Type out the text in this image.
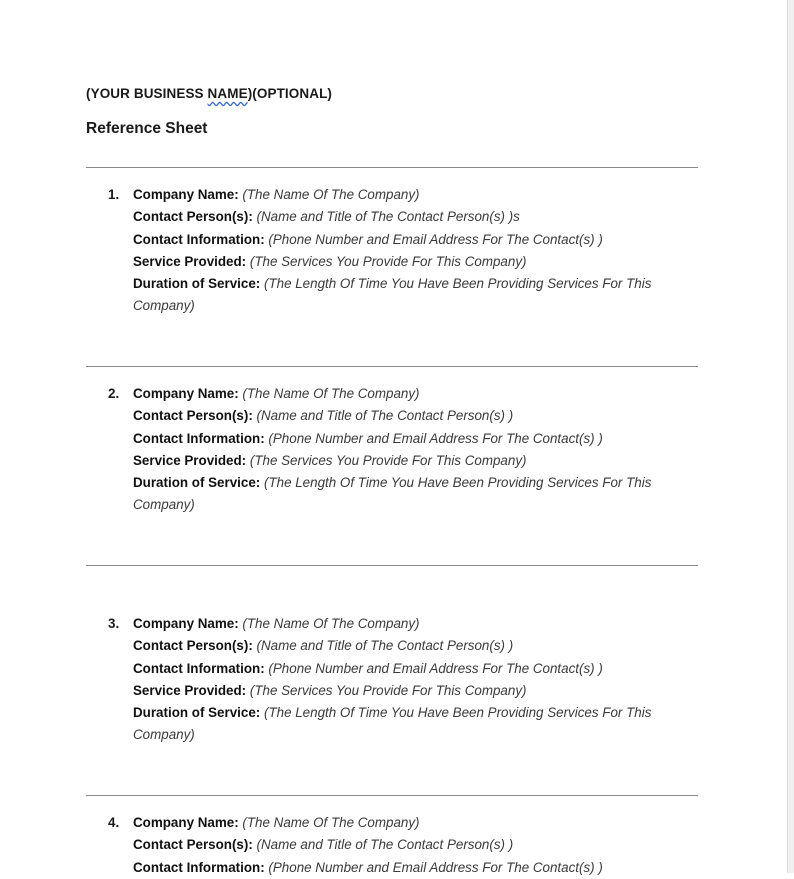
(YOUR BUSINESS NAME)(OPTIONAL)
Reference Sheet
1. Company Name: (The Name Of The Company)
Contact Person(s): (Name and Title of The Contact Person(s) )s
Contact Information: (Phone Number and Email Address For The Contact(s) )
Service Provided: (The Services You Provide For This Company)
Duration of Service: (The Length Of Time You Have Been Providing Services For This Company)
2. Company Name: (The Name Of The Company)
Contact Person(s): (Name and Title of The Contact Person(s) )
Contact Information: (Phone Number and Email Address For The Contact(s) )
Service Provided: (The Services You Provide For This Company)
Duration of Service: (The Length Of Time You Have Been Providing Services For This Company)
3. Company Name: (The Name Of The Company)
Contact Person(s): (Name and Title of The Contact Person(s) )
Contact Information: (Phone Number and Email Address For The Contact(s) )
Service Provided: (The Services You Provide For This Company)
Duration of Service: (The Length Of Time You Have Been Providing Services For This Company)
4. Company Name: (The Name Of The Company)
Contact Person(s): (Name and Title of The Contact Person(s) )
Contact Information: (Phone Number and Email Address For The Contact(s) )
